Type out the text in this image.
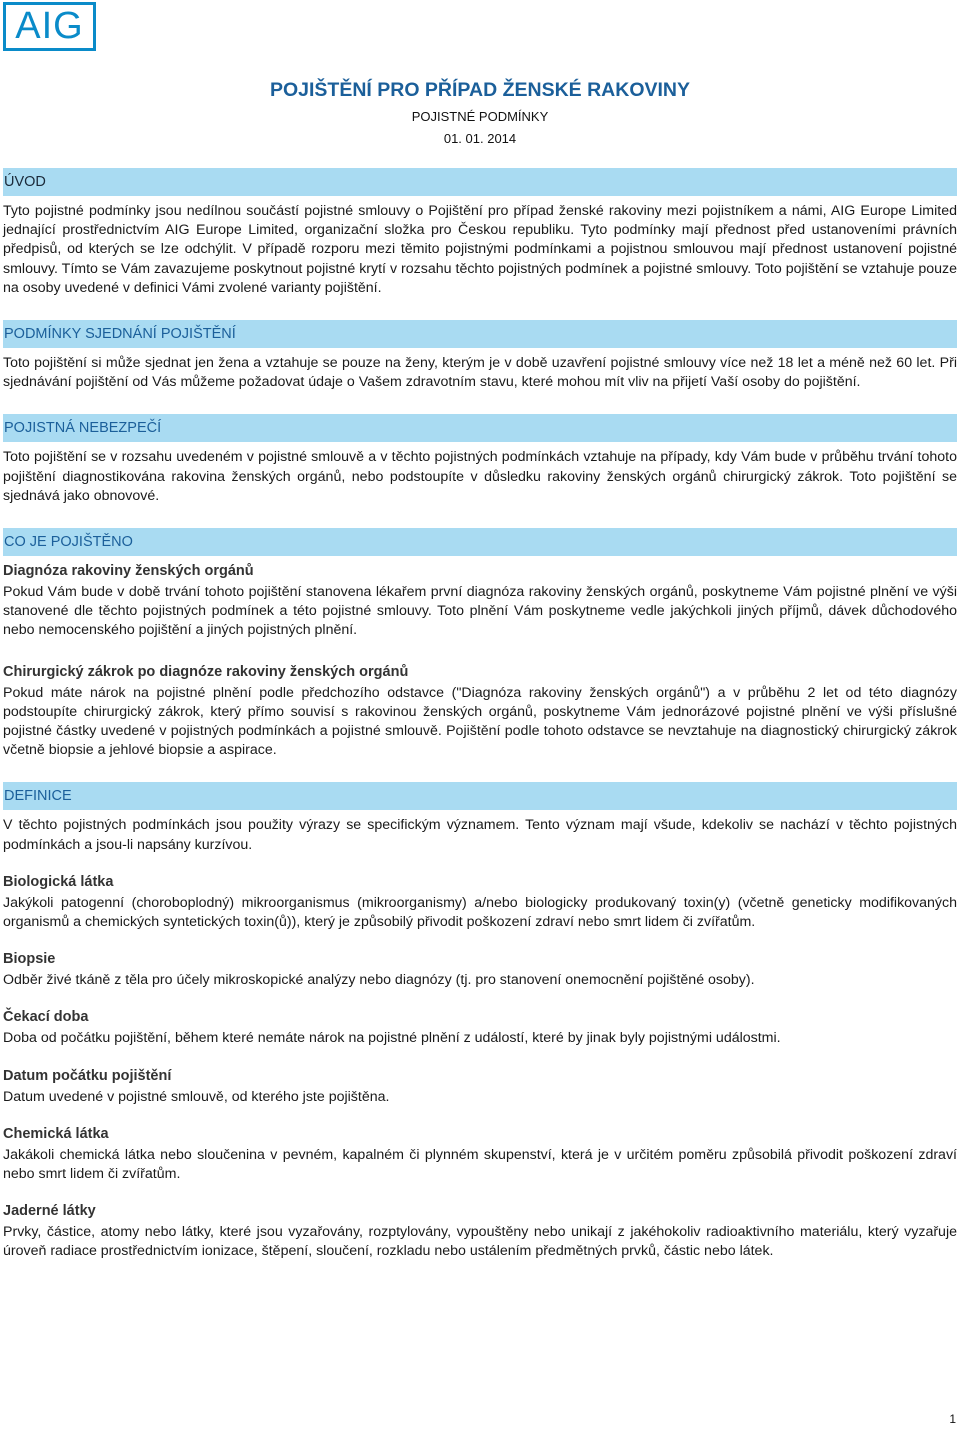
AIG
POJIŠTĚNÍ PRO PŘÍPAD ŽENSKÉ RAKOVINY
POJISTNÉ PODMÍNKY
01. 01. 2014
ÚVOD

Tyto pojistné podmínky jsou nedílnou součástí pojistné smlouvy o Pojištění pro případ ženské rakoviny mezi pojistníkem a námi, AIG Europe Limited jednající prostřednictvím AIG Europe Limited, organizační složka pro Českou republiku. Tyto podmínky mají přednost před ustanoveními právních předpisů, od kterých se lze odchýlit. V případě rozporu mezi těmito pojistnými podmínkami a pojistnou smlouvou mají přednost ustanovení pojistné smlouvy. Tímto se Vám zavazujeme poskytnout pojistné krytí v rozsahu těchto pojistných podmínek a pojistné smlouvy. Toto pojištění se vztahuje pouze na osoby uvedené v definici Vámi zvolené varianty pojištění.

PODMÍNKY SJEDNÁNÍ POJIŠTĚNÍ

Toto pojištění si může sjednat jen žena a vztahuje se pouze na ženy, kterým je v době uzavření pojistné smlouvy více než 18 let a méně než 60 let. Při sjednávání pojištění od Vás můžeme požadovat údaje o Vašem zdravotním stavu, které mohou mít vliv na přijetí Vaší osoby do pojištění.

POJISTNÁ NEBEZPEČÍ

Toto pojištění se v rozsahu uvedeném v pojistné smlouvě a v těchto pojistných podmínkách vztahuje na případy, kdy Vám bude v průběhu trvání tohoto pojištění diagnostikována rakovina ženských orgánů, nebo podstoupíte v důsledku rakoviny ženských orgánů chirurgický zákrok. Toto pojištění se sjednává jako obnovové.

CO JE POJIŠTĚNO
Diagnóza rakoviny ženských orgánů

Pokud Vám bude v době trvání tohoto pojištění stanovena lékařem první diagnóza rakoviny ženských orgánů, poskytneme Vám pojistné plnění ve výši stanovené dle těchto pojistných podmínek a této pojistné smlouvy. Toto plnění Vám poskytneme vedle jakýchkoli jiných příjmů, dávek důchodového nebo nemocenského pojištění a jiných pojistných plnění.

Chirurgický zákrok po diagnóze rakoviny ženských orgánů

Pokud máte nárok na pojistné plnění podle předchozího odstavce ("Diagnóza rakoviny ženských orgánů") a v průběhu 2 let od této diagnózy podstoupíte chirurgický zákrok, který přímo souvisí s rakovinou ženských orgánů, poskytneme Vám jednorázové pojistné plnění ve výši příslušné pojistné částky uvedené v pojistných podmínkách a pojistné smlouvě. Pojištění podle tohoto odstavce se nevztahuje na diagnostický chirurgický zákrok včetně biopsie a jehlové biopsie a aspirace.

DEFINICE

V těchto pojistných podmínkách jsou použity výrazy se specifickým významem. Tento význam mají všude, kdekoliv se nachází v těchto pojistných podmínkách a jsou-li napsány kurzívou.

Biologická látka

Jakýkoli patogenní (choroboplodný) mikroorganismus (mikroorganismy) a/nebo biologicky produkovaný toxin(y) (včetně geneticky modifikovaných organismů a chemických syntetických toxin(ů)), který je způsobilý přivodit poškození zdraví nebo smrt lidem či zvířatům.

Biopsie

Odběr živé tkáně z těla pro účely mikroskopické analýzy nebo diagnózy (tj. pro stanovení onemocnění pojištěné osoby).

Čekací doba

Doba od počátku pojištění, během které nemáte nárok na pojistné plnění z událostí, které by jinak byly pojistnými událostmi.

Datum počátku pojištění

Datum uvedené v pojistné smlouvě, od kterého jste pojištěna.

Chemická látka

Jakákoli chemická látka nebo sloučenina v pevném, kapalném či plynném skupenství, která je v určitém poměru způsobilá přivodit poškození zdraví nebo smrt lidem či zvířatům.

Jaderné látky

Prvky, částice, atomy nebo látky, které jsou vyzařovány, rozptylovány, vypouštěny nebo unikají z jakéhokoliv radioaktivního materiálu, který vyzařuje úroveň radiace prostřednictvím ionizace, štěpení, sloučení, rozkladu nebo ustálením předmětných prvků, částic nebo látek.

1
